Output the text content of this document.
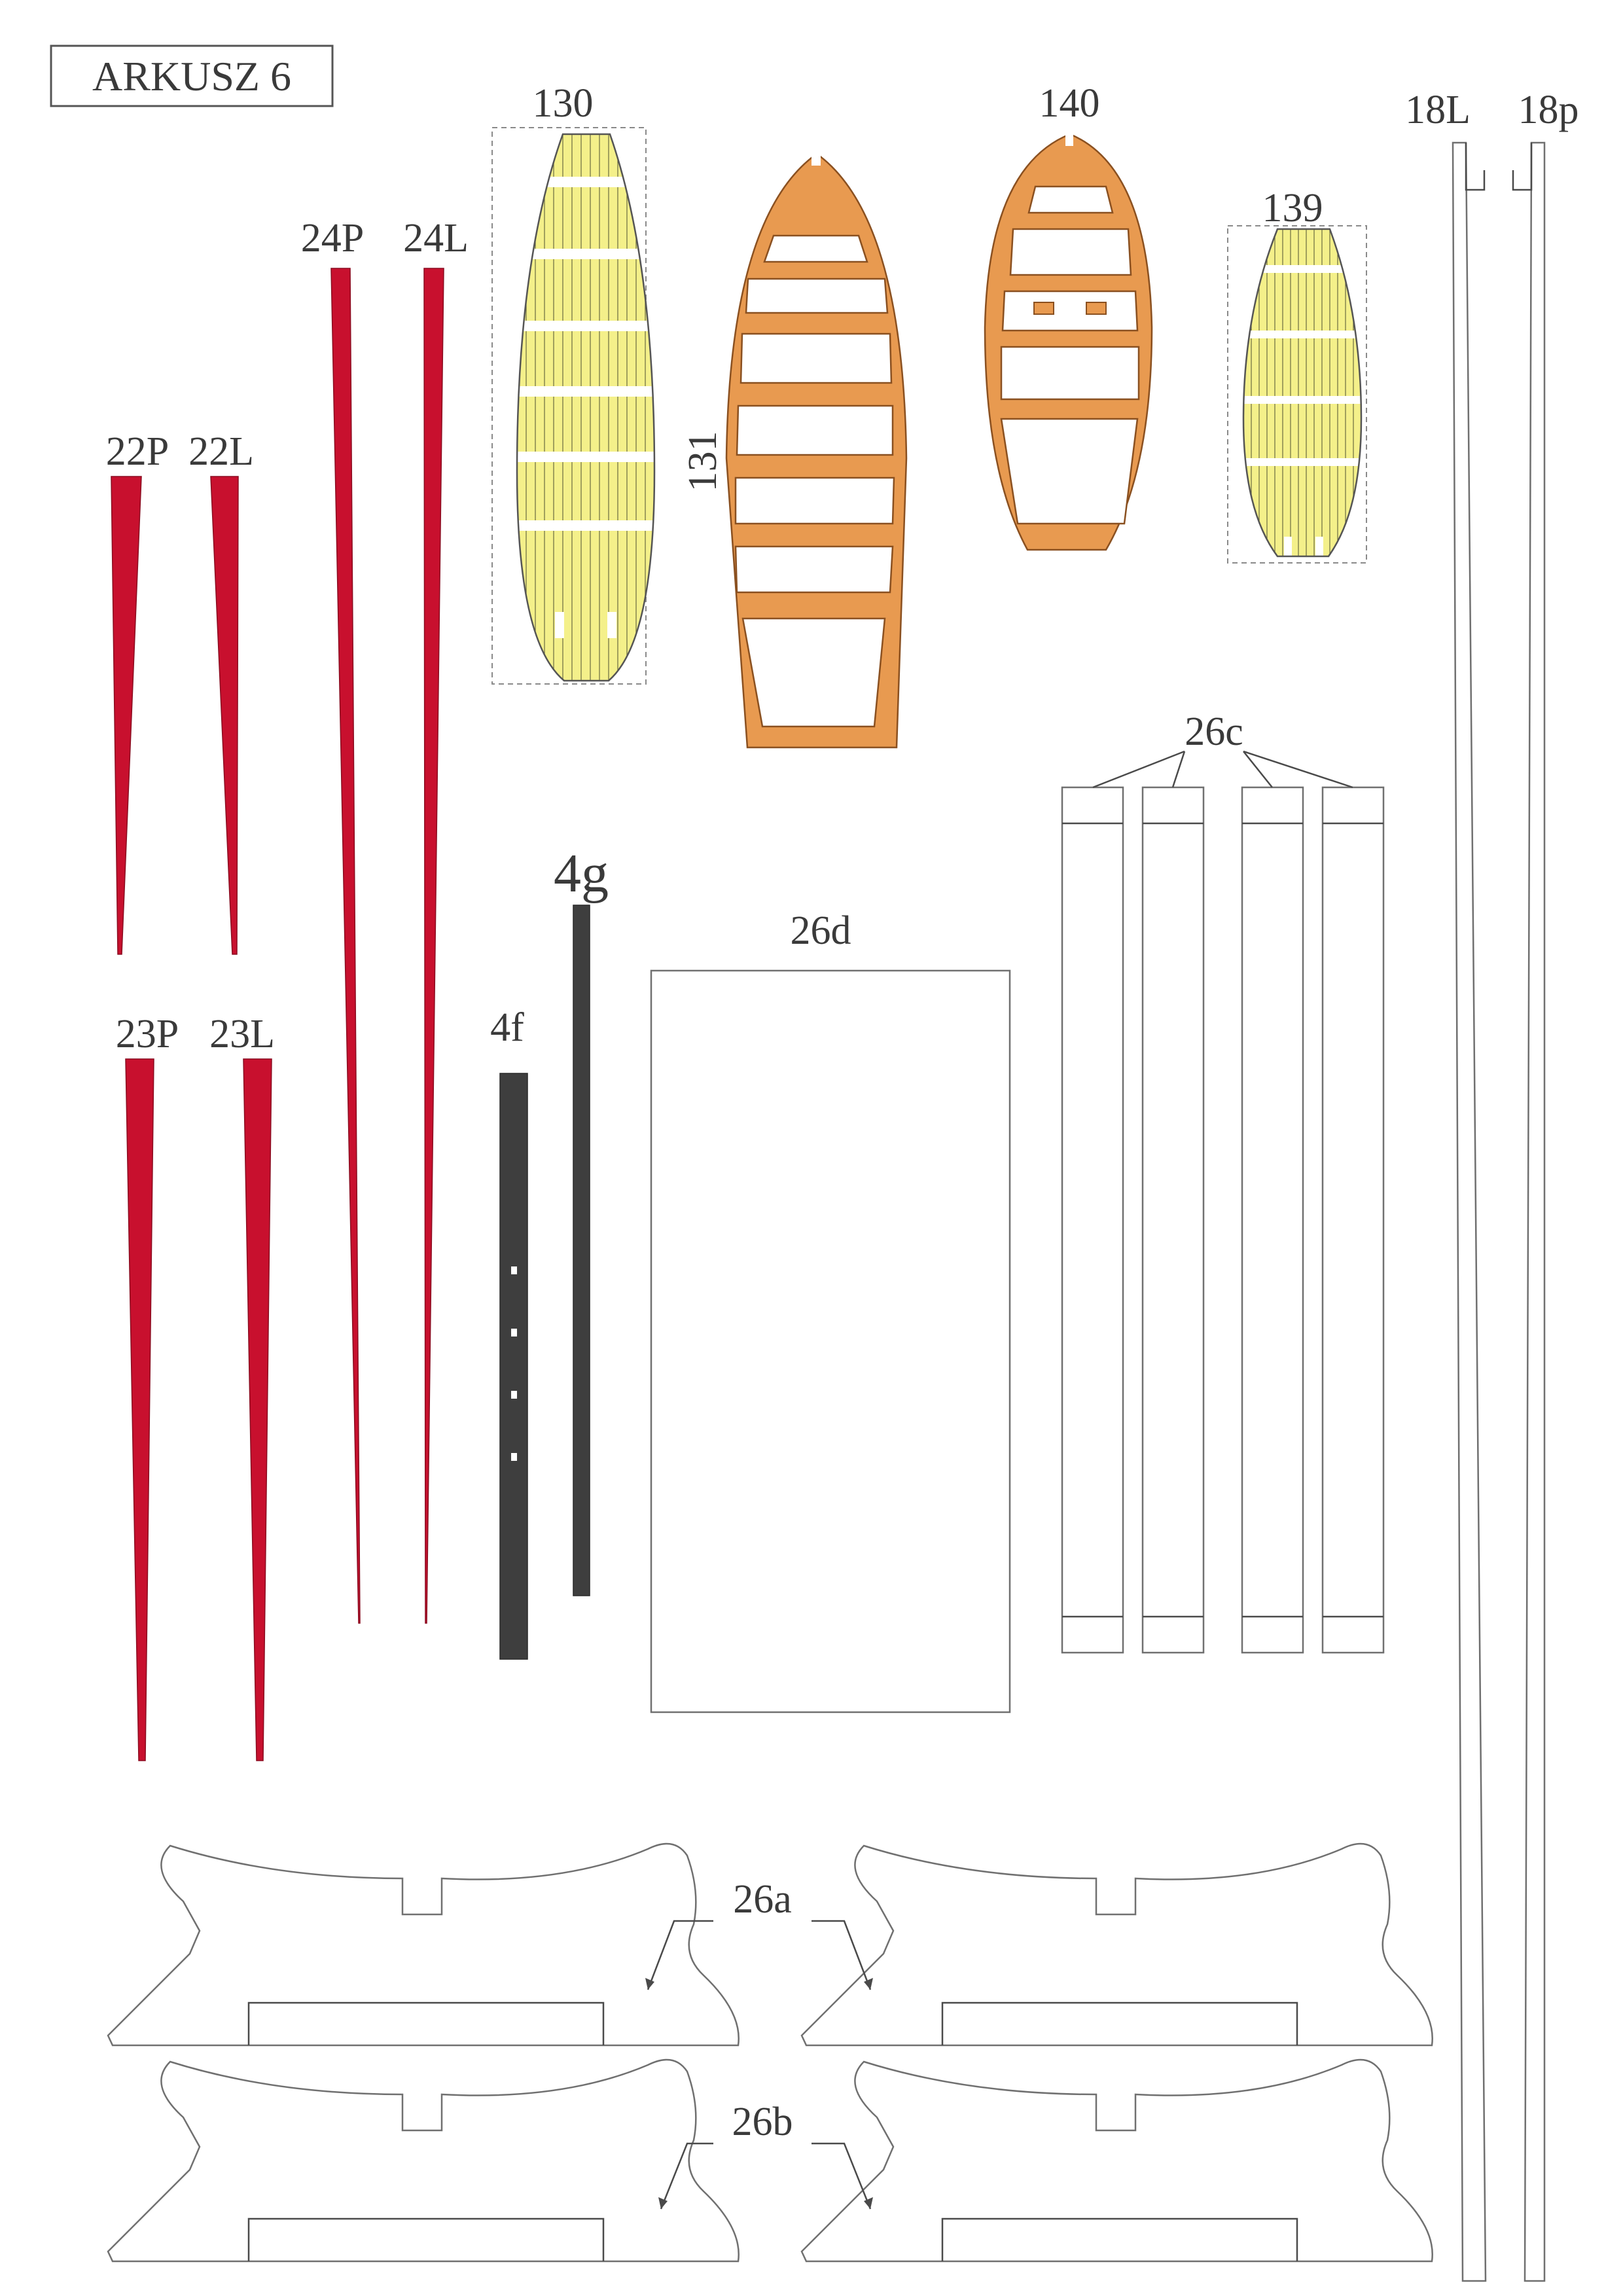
ARKUSZ 6
130	140
139
131
18L 18p
24P 24L
22P 22L
23P 23L
4g
4f
26d
26c
26a
26b
